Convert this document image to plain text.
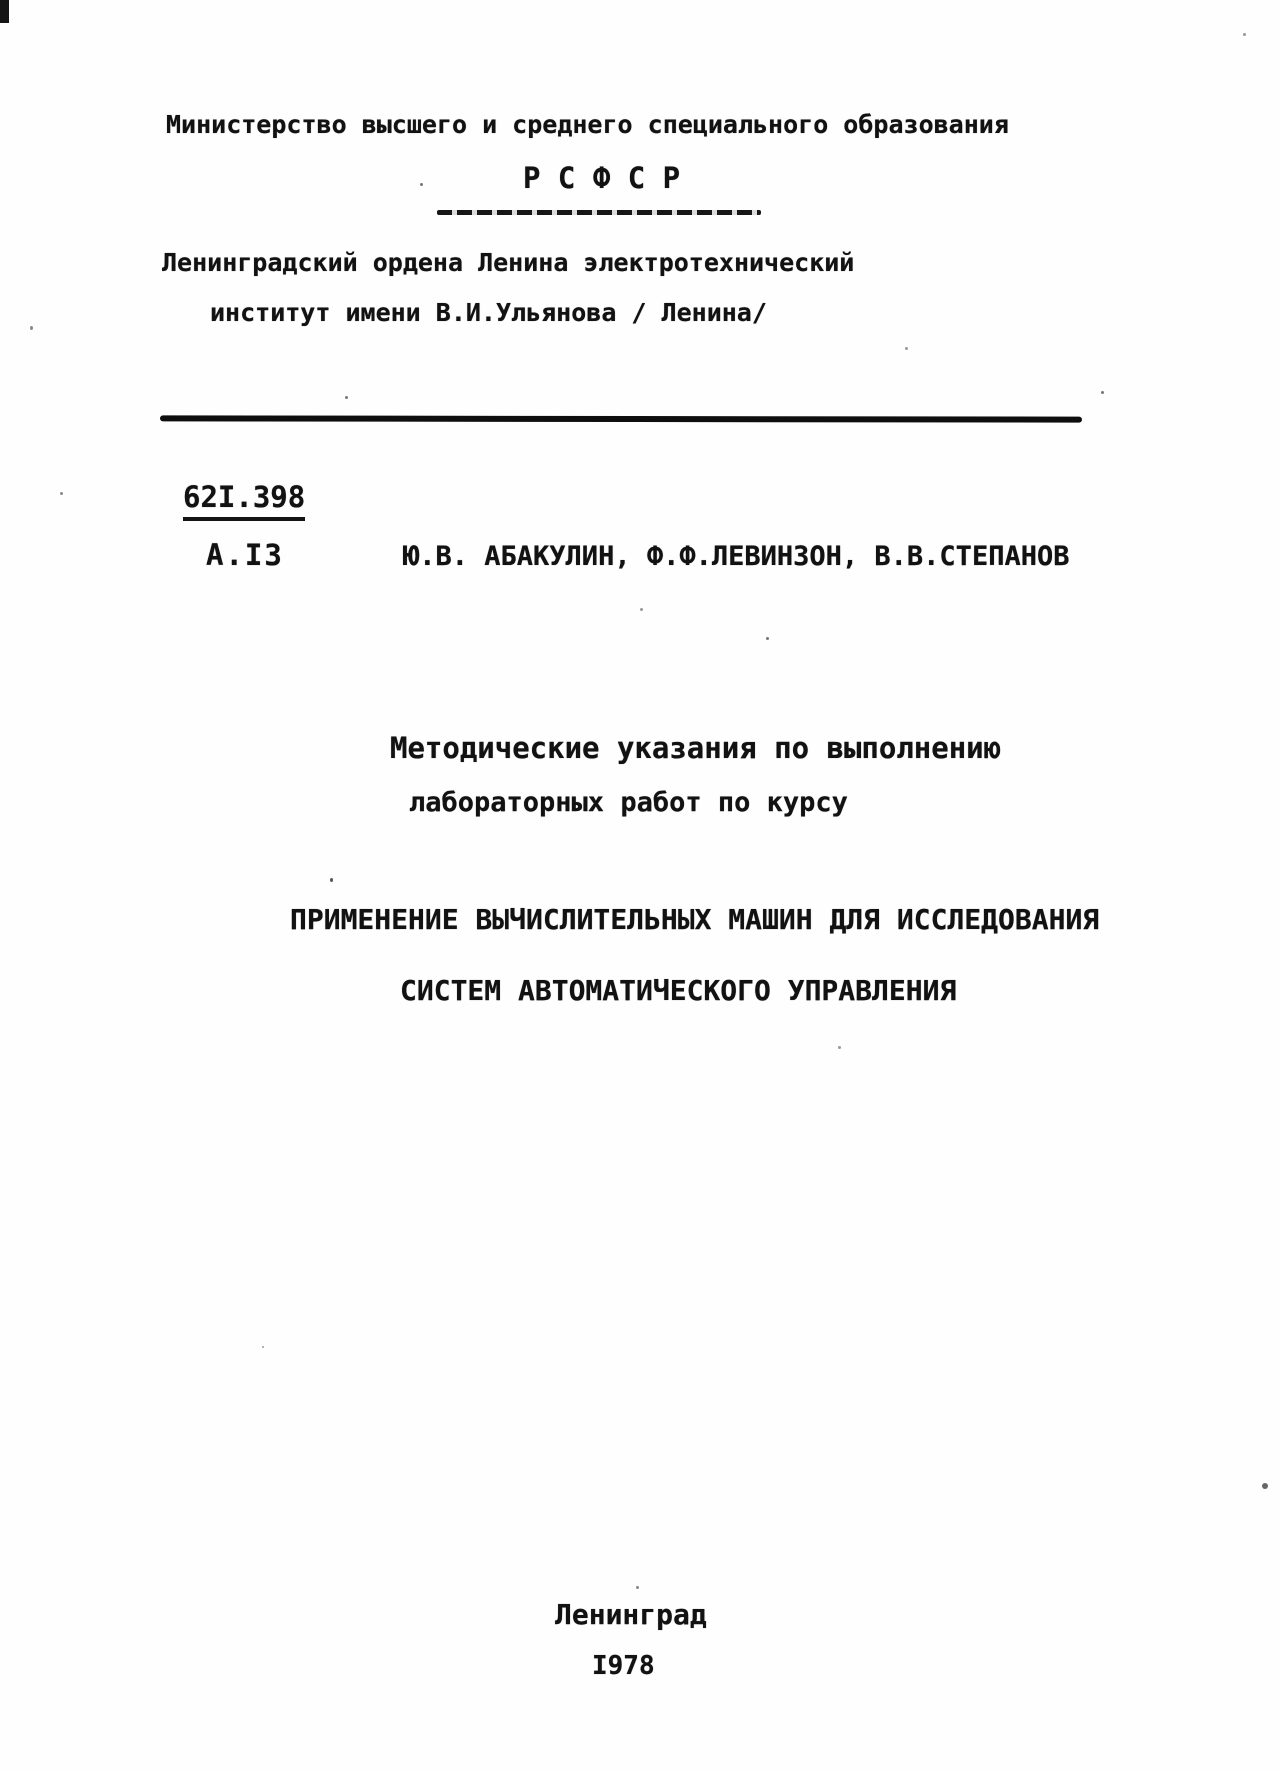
Министерство высшего и среднего специального образования
Р С Ф С Р
Ленинградский ордена Ленина электротехнический
институт имени В.И.Ульянова / Ленина/
62I.398
А.I3	Ю.В. АБАКУЛИН, Ф.Ф.ЛЕВИНЗОН, В.В.СТЕПАНОВ
Методические указания по выполнению
лабораторных работ по курсу
ПРИМЕНЕНИЕ ВЫЧИСЛИТЕЛЬНЫХ МАШИН ДЛЯ ИССЛЕДОВАНИЯ
СИСТЕМ АВТОМАТИЧЕСКОГО УПРАВЛЕНИЯ
Ленинград
I978
